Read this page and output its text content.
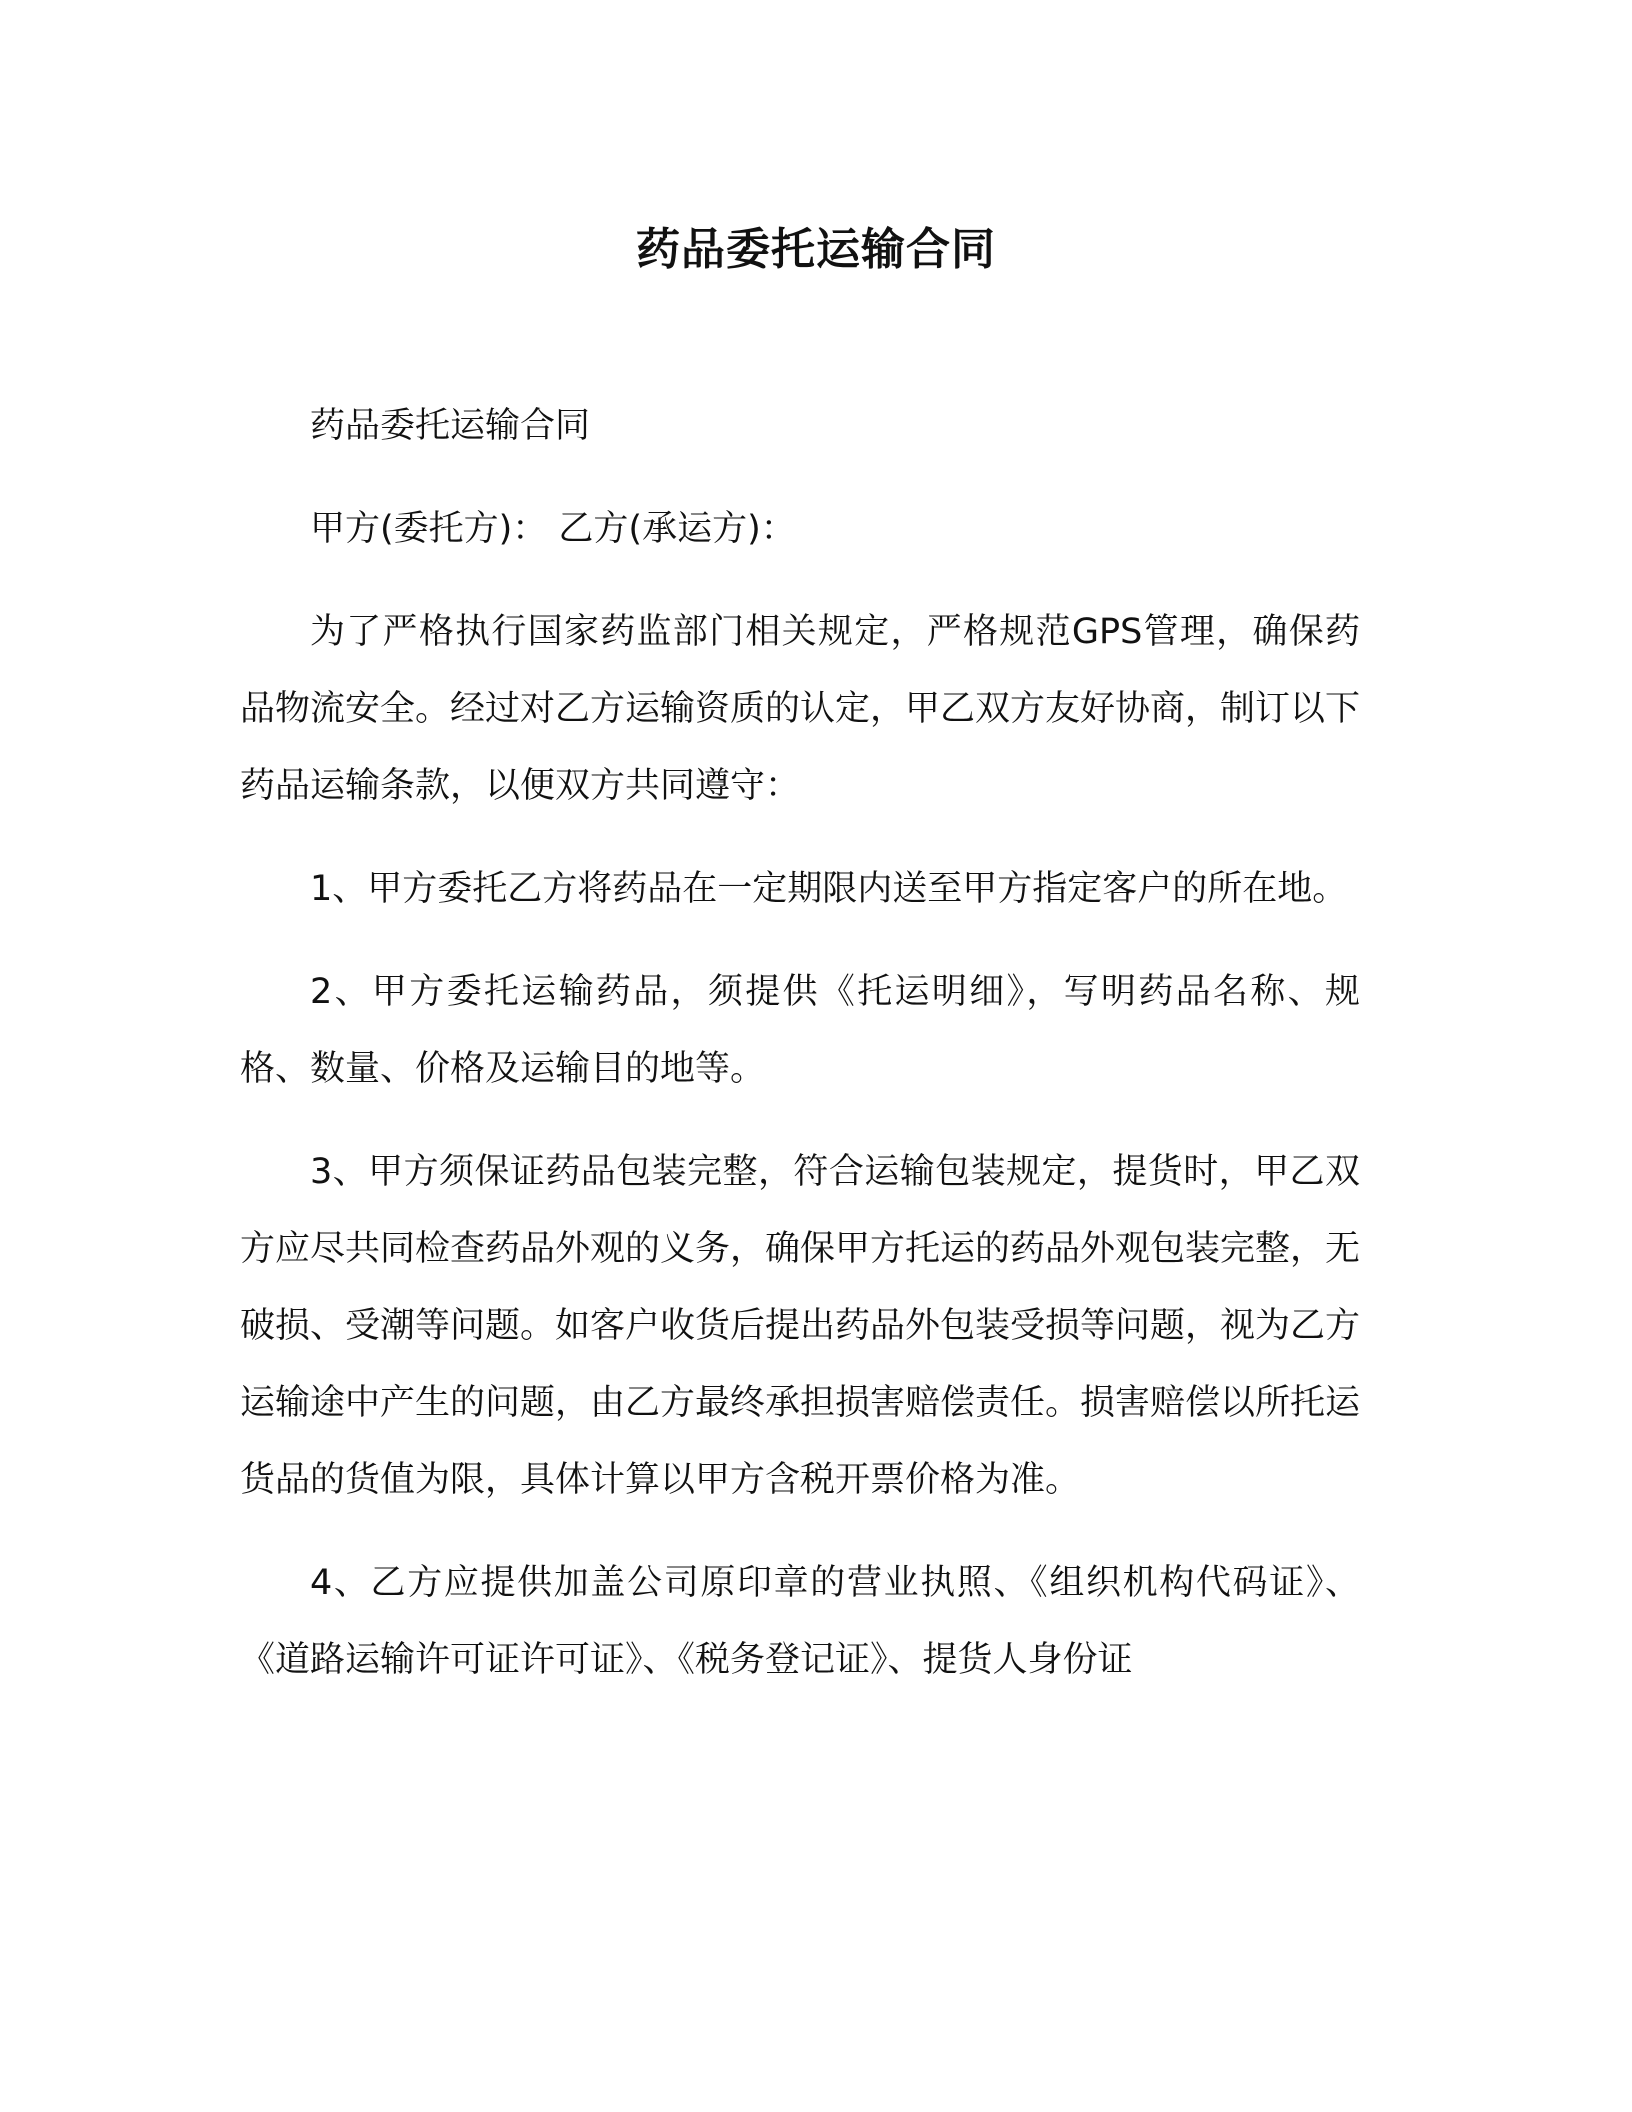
药品委托运输合同

药品委托运输合同

甲方(委托方)： 乙方(承运方)：

为了严格执行国家药监部门相关规定，严格规范GPS管理，确保药品物流安全。经过对乙方运输资质的认定，甲乙双方友好协商，制订以下药品运输条款，以便双方共同遵守：

1、甲方委托乙方将药品在一定期限内送至甲方指定客户的所在地。

2、甲方委托运输药品，须提供《托运明细》，写明药品名称、规格、数量、价格及运输目的地等。

3、甲方须保证药品包装完整，符合运输包装规定，提货时，甲乙双方应尽共同检查药品外观的义务，确保甲方托运的药品外观包装完整，无破损、受潮等问题。如客户收货后提出药品外包装受损等问题，视为乙方运输途中产生的问题，由乙方最终承担损害赔偿责任。损害赔偿以所托运货品的货值为限，具体计算以甲方含税开票价格为准。

4、乙方应提供加盖公司原印章的营业执照、《组织机构代码证》、《道路运输许可证许可证》、《税务登记证》、提货人身份证
